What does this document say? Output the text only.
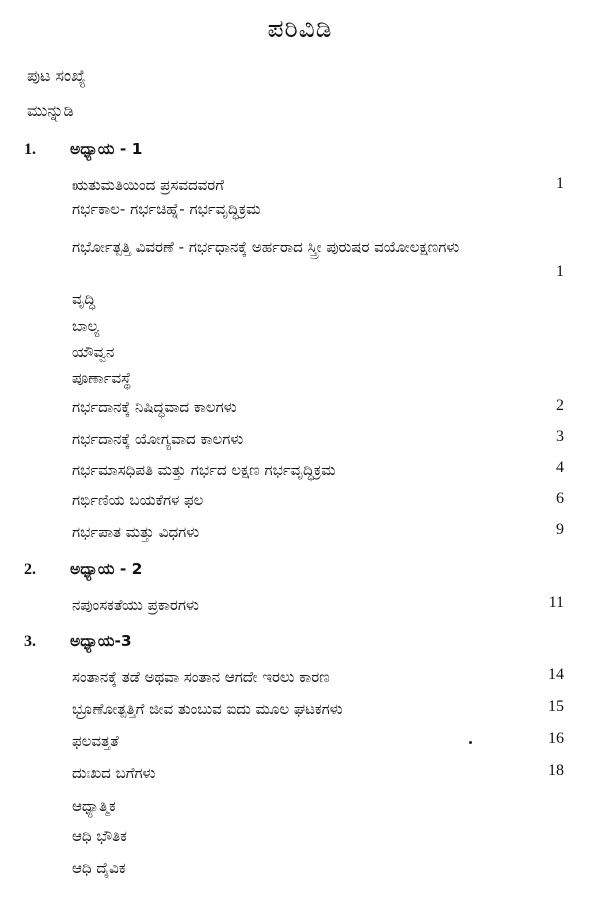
ಪರಿವಿಡಿ
ಪುಟ ಸಂಖ್ಯೆ
ಮುನ್ನುಡಿ
1. ಅಧ್ಯಾಯ - 1
ಋತುಮತಿಯಿಂದ ಪ್ರಸವದವರಗೆ	1
ಗರ್ಭಕಾಲ- ಗರ್ಭಚಿಹ್ನೆ- ಗರ್ಭವೃದ್ಧಿಕ್ರಮ
ಗರ್ಭೋತ್ಪತ್ತಿ ವಿವರಣೆ - ಗರ್ಭಧಾನಕ್ಕೆ ಅರ್ಹರಾದ ಸ್ತ್ರೀ ಪುರುಷರ ವಯೋಲಕ್ಷಣಗಳು
1
ವೃದ್ಧಿ
ಬಾಲ್ಯ
ಯೌವ್ವನ
ಪೂರ್ಣಾವಸ್ಥೆ
ಗರ್ಭದಾನಕ್ಕೆ ನಿಷಿದ್ಧವಾದ ಕಾಲಗಳು	2
ಗರ್ಭದಾನಕ್ಕೆ ಯೋಗ್ಯವಾದ ಕಾಲಗಳು	3
ಗರ್ಭಮಾಸಧಿಪತಿ ಮತ್ತು ಗರ್ಭದ ಲಕ್ಷಣ ಗರ್ಭವೃದ್ಧಿಕ್ರಮ	4
ಗರ್ಭಿಣಿಯ ಬಯಕೆಗಳ ಫಲ	6
ಗರ್ಭಪಾತ ಮತ್ತು ವಿಧಗಳು	9
2. ಅಧ್ಯಾಯ - 2
ನಪುಂಸಕತೆಯು ಪ್ರಕಾರಗಳು	11
3. ಅಧ್ಯಾಯ-3
ಸಂತಾನಕ್ಕೆ ತಡೆ ಅಥವಾ ಸಂತಾನ ಆಗದೇ ಇರಲು ಕಾರಣ	14
ಭ್ರೂಣೋತ್ಪತ್ತಿಗೆ ಜೀವ ತುಂಬುವ ಐದು ಮೂಲ ಘಟಕಗಳು	15
ಫಲವತ್ತತೆ	16
ದುಃಖದ ಬಗೆಗಳು	18
ಆಧ್ಯಾತ್ಮಿಕ
ಆಧಿ ಭೌತಿಕ
ಆಧಿ ದೈವಿಕ
